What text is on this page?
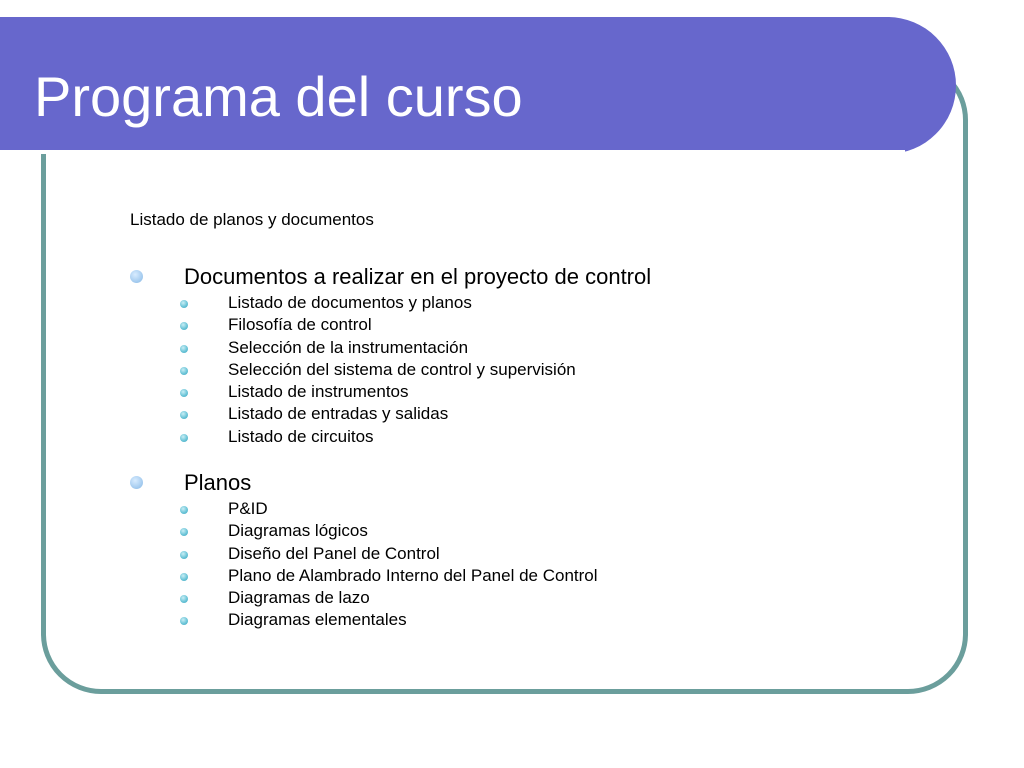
Programa del curso
Listado de planos y documentos
Documentos a realizar en el proyecto de control
Listado de documentos y planos
Filosofía de control
Selección de la instrumentación
Selección del sistema de control y supervisión
Listado de instrumentos
Listado de entradas y salidas
Listado de circuitos
Planos
P&ID
Diagramas lógicos
Diseño del Panel de Control
Plano de Alambrado Interno del Panel de Control
Diagramas de lazo
Diagramas elementales
